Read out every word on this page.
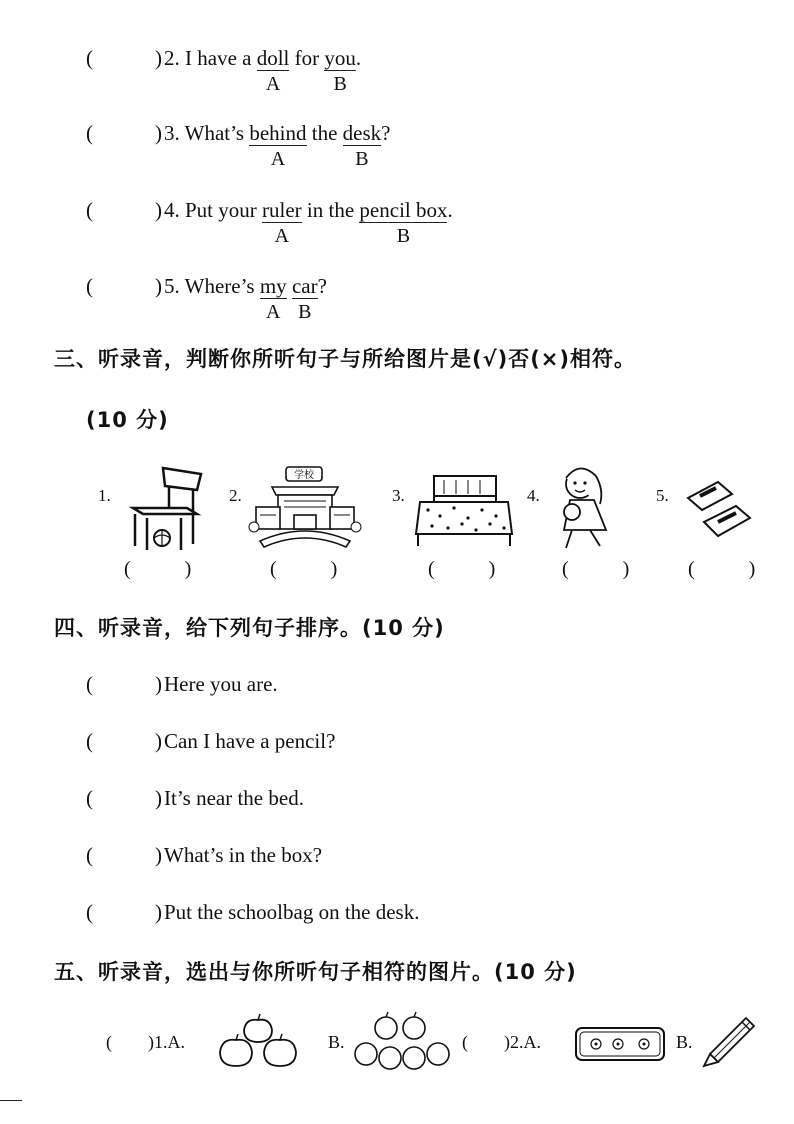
(	)2. I have a doll
A
for you
B
.
(	)3. What’s behind
A
the desk
B
?
(	)4. Put your ruler
A
in the pencil box
B
.
(	)5. Where’s my
A
car
B
?
三、听录音，判断你所听句子与所给图片是(√)否(×)相符。
(10 分)
1.	2.
学校
3.	4.	5.
(	)	(	)	(	)	(	)	(	)
四、听录音，给下列句子排序。(10 分)
(	)Here you are.
(	)Can I have a pencil?
(	)It’s near the bed.
(	)What’s in the box?
(	)Put the schoolbag on the desk.
五、听录音，选出与你所听句子相符的图片。(10 分)
( )1.A.	B.	( )2.A.	B.
